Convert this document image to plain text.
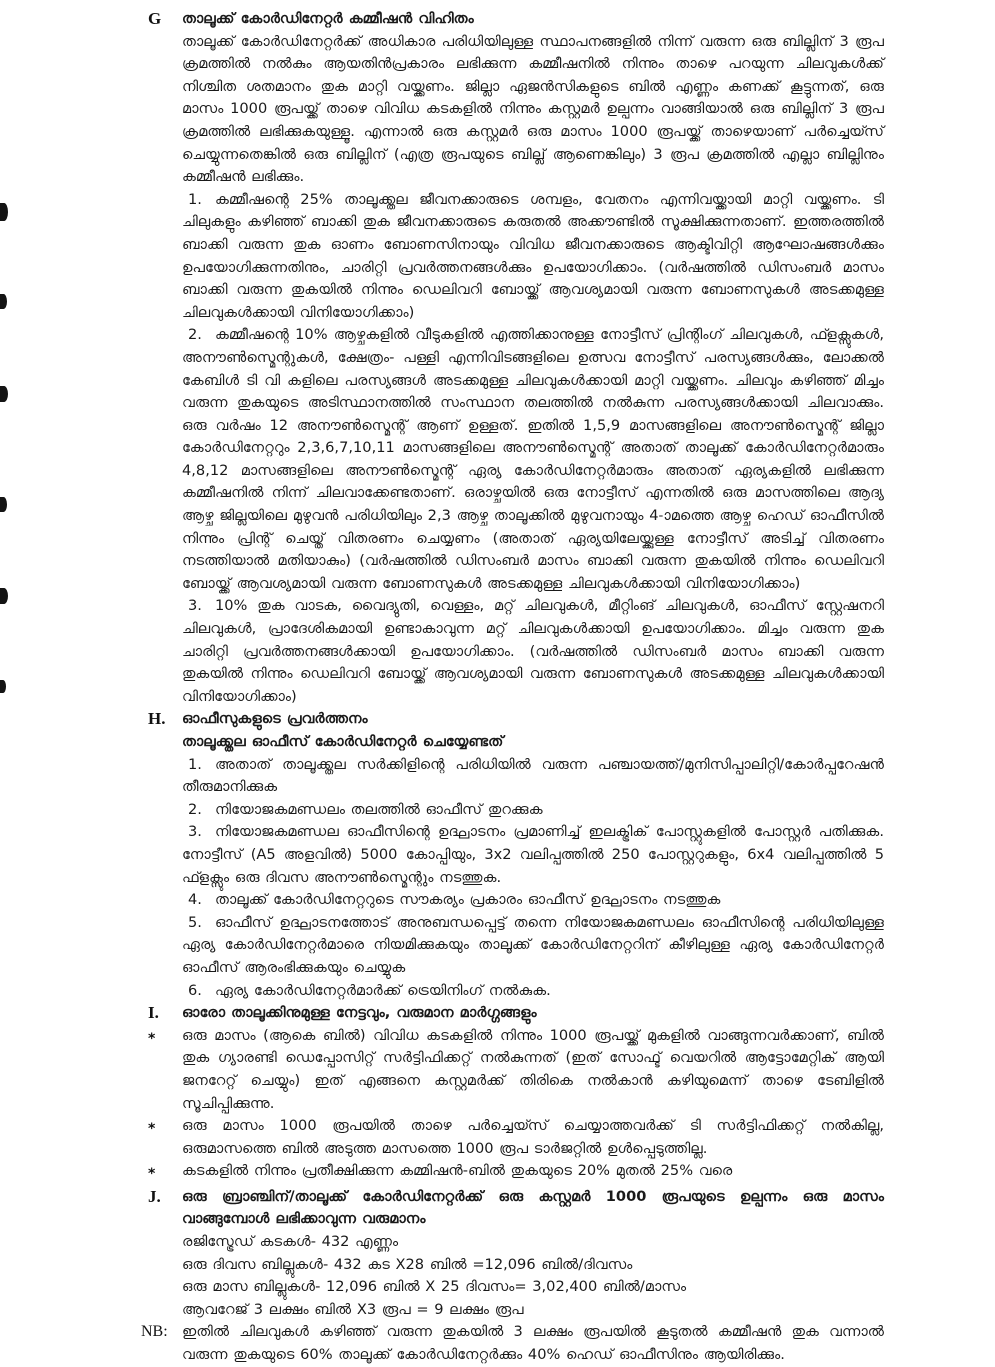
G	താലൂക്ക് കോർഡിനേറ്റർ കമ്മീഷൻ വിഹിതം
താലൂക്ക് കോർഡിനേറ്റർക്ക് അധികാര പരിധിയിലുള്ള സ്ഥാപനങ്ങളിൽ നിന്ന് വരുന്ന ഒരു ബില്ലിന് 3 രൂപ ക്രമത്തിൽ നൽകും ആയതിൻപ്രകാരം ലഭിക്കുന്ന കമ്മീഷനിൽ നിന്നും താഴെ പറയുന്ന ചിലവുകൾക്ക് നിശ്ചിത ശതമാനം തുക മാറ്റി വയ്ക്കണം. ജില്ലാ ഏജൻസികളുടെ ബിൽ എണ്ണം കണക്ക് കൂട്ടുന്നത്, ഒരു മാസം 1000 രൂപയ്ക്ക് താഴെ വിവിധ കടകളിൽ നിന്നും കസ്റ്റമർ ഉല്പന്നം വാങ്ങിയാൽ ഒരു ബില്ലിന് 3 രൂപ ക്രമത്തിൽ ലഭിക്കുകയുള്ളൂ. എന്നാൽ ഒരു കസ്റ്റമർ ഒരു മാസം 1000 രൂപയ്ക്ക് താഴെയാണ് പർച്ചെയ്സ് ചെയ്യുന്നതെങ്കിൽ ഒരു ബില്ലിന് (എത്ര രൂപയുടെ ബില്ല് ആണെങ്കിലും) 3 രൂപ ക്രമത്തിൽ എല്ലാ ബില്ലിനും കമ്മീഷൻ ലഭിക്കും.
1. കമ്മീഷന്റെ 25% താലൂക്ക്തല ജീവനക്കാരുടെ ശമ്പളം, വേതനം എന്നിവയ്ക്കായി മാറ്റി വയ്ക്കണം. ടി ചിലുകളും കഴിഞ്ഞ് ബാക്കി തുക ജീവനക്കാരുടെ കരുതൽ അക്കൗണ്ടിൽ സൂക്ഷിക്കുന്നതാണ്. ഇത്തരത്തിൽ ബാക്കി വരുന്ന തുക ഓണം ബോണസിനായും വിവിധ ജീവനക്കാരുടെ ആക്ടിവിറ്റി ആഘോഷങ്ങൾക്കും ഉപയോഗിക്കുന്നതിനും, ചാരിറ്റി പ്രവർത്തനങ്ങൾക്കും ഉപയോഗിക്കാം. (വർഷത്തിൽ ഡിസംബർ മാസം ബാക്കി വരുന്ന തുകയിൽ നിന്നും ഡെലിവറി ബോയ്ക്ക് ആവശ്യമായി വരുന്ന ബോണസുകൾ അടക്കമുള്ള ചിലവുകൾക്കായി വിനിയോഗിക്കാം)
2. കമ്മീഷന്റെ 10% ആഴ്ചകളിൽ വീടുകളിൽ എത്തിക്കാനുള്ള നോട്ടീസ് പ്രിന്റിംഗ് ചിലവുകൾ, ഫ്ളക്സുകൾ, അനൗൺസ്മെന്റുകൾ, ക്ഷേത്രം- പള്ളി എന്നിവിടങ്ങളിലെ ഉത്സവ നോട്ടീസ് പരസ്യങ്ങൾക്കും, ലോക്കൽ കേബിൾ ടി വി കളിലെ പരസ്യങ്ങൾ അടക്കമുള്ള ചിലവുകൾക്കായി മാറ്റി വയ്ക്കണം. ചിലവും കഴിഞ്ഞ് മിച്ചം വരുന്ന തുകയുടെ അടിസ്ഥാനത്തിൽ സംസ്ഥാന തലത്തിൽ നൽകുന്ന പരസ്യങ്ങൾക്കായി ചിലവാക്കും. ഒരു വർഷം 12 അനൗൺസ്മെന്റ് ആണ് ഉള്ളത്. ഇതിൽ 1,5,9 മാസങ്ങളിലെ അനൗൺസ്മെന്റ് ജില്ലാ കോർഡിനേറ്ററും 2,3,6,7,10,11 മാസങ്ങളിലെ അനൗൺസ്മെന്റ് അതാത് താലൂക്ക് കോർഡിനേറ്റർമാരും 4,8,12 മാസങ്ങളിലെ അനൗൺസ്മെന്റ് ഏര്യ കോർഡിനേറ്റർമാരും അതാത് ഏര്യകളിൽ ലഭിക്കുന്ന കമ്മീഷനിൽ നിന്ന് ചിലവാക്കേണ്ടതാണ്. ഒരാഴ്ചയിൽ ഒരു നോട്ടീസ് എന്നതിൽ ഒരു മാസത്തിലെ ആദ്യ ആഴ്ച ജില്ലയിലെ മുഴുവൻ പരിധിയിലും 2,3 ആഴ്ച താലൂക്കിൽ മുഴുവനായും 4-ാമത്തെ ആഴ്ച ഹെഡ് ഓഫീസിൽ നിന്നും പ്രിന്റ് ചെയ്ത് വിതരണം ചെയ്യണം (അതാത് ഏര്യയിലേയ്ക്കുള്ള നോട്ടീസ് അടിച്ച് വിതരണം നടത്തിയാൽ മതിയാകും) (വർഷത്തിൽ ഡിസംബർ മാസം ബാക്കി വരുന്ന തുകയിൽ നിന്നും ഡെലിവറി ബോയ്ക്ക് ആവശ്യമായി വരുന്ന ബോണസുകൾ അടക്കമുള്ള ചിലവുകൾക്കായി വിനിയോഗിക്കാം)
3. 10% തുക വാടക, വൈദ്യുതി, വെള്ളം, മറ്റ് ചിലവുകൾ, മീറ്റിംങ് ചിലവുകൾ, ഓഫീസ് സ്റ്റേഷനറി ചിലവുകൾ, പ്രാദേശികമായി ഉണ്ടാകാവുന്ന മറ്റ് ചിലവുകൾക്കായി ഉപയോഗിക്കാം. മിച്ചം വരുന്ന തുക ചാരിറ്റി പ്രവർത്തനങ്ങൾക്കായി ഉപയോഗിക്കാം. (വർഷത്തിൽ ഡിസംബർ മാസം ബാക്കി വരുന്ന തുകയിൽ നിന്നും ഡെലിവറി ബോയ്ക്ക് ആവശ്യമായി വരുന്ന ബോണസുകൾ അടക്കമുള്ള ചിലവുകൾക്കായി വിനിയോഗിക്കാം)
H.	ഓഫീസുകളുടെ പ്രവർത്തനം
താലൂക്ക്തല ഓഫീസ് കോർഡിനേറ്റർ ചെയ്യേണ്ടത്
1. അതാത് താലൂക്ക്തല സർക്കിളിന്റെ പരിധിയിൽ വരുന്ന പഞ്ചായത്ത്/മുനിസിപ്പാലിറ്റി/കോർപ്പറേഷൻ തീരുമാനിക്കുക
2. നിയോജകമണ്ഡലം തലത്തിൽ ഓഫീസ് തുറക്കുക
3. നിയോജകമണ്ഡല ഓഫീസിന്റെ ഉദ്ഘാടനം പ്രമാണിച്ച് ഇലക്ട്രിക് പോസ്റ്റുകളിൽ പോസ്റ്റർ പതിക്കുക. നോട്ടീസ് (A5 അളവിൽ) 5000 കോപ്പിയും, 3x2 വലിപ്പത്തിൽ 250 പോസ്റ്ററുകളും, 6x4 വലിപ്പത്തിൽ 5 ഫ്ളക്സും ഒരു ദിവസ അനൗൺസ്മെന്റും നടത്തുക.
4. താലൂക്ക് കോർഡിനേറ്ററുടെ സൗകര്യം പ്രകാരം ഓഫീസ് ഉദ്ഘാടനം നടത്തുക
5. ഓഫീസ് ഉദ്ഘാടനത്തോട് അനുബന്ധപ്പെട്ട് തന്നെ നിയോജകമണ്ഡലം ഓഫീസിന്റെ പരിധിയിലുള്ള ഏര്യ കോർഡിനേറ്റർമാരെ നിയമിക്കുകയും താലൂക്ക് കോർഡിനേറ്ററിന് കീഴിലുള്ള ഏര്യ കോർഡിനേറ്റർ ഓഫീസ് ആരംഭിക്കുകയും ചെയ്യുക
6. ഏര്യ കോർഡിനേറ്റർമാർക്ക് ട്രെയിനിംഗ് നൽകുക.
I.	ഓരോ താലൂക്കിനുമുള്ള നേട്ടവും, വരുമാന മാർഗ്ഗങ്ങളും
*	ഒരു മാസം (ആകെ ബിൽ) വിവിധ കടകളിൽ നിന്നും 1000 രൂപയ്ക്ക് മുകളിൽ വാങ്ങുന്നവർക്കാണ്, ബിൽ തുക ഗ്യാരണ്ടി ഡെപ്പോസിറ്റ് സർട്ടിഫിക്കറ്റ് നൽകുന്നത് (ഇത് സോഫ്ട് വെയറിൽ ആട്ടോമേറ്റിക് ആയി ജനറേറ്റ് ചെയ്യും) ഇത് എങ്ങനെ കസ്റ്റമർക്ക് തിരികെ നൽകാൻ കഴിയുമെന്ന് താഴെ ടേബിളിൽ സൂചിപ്പിക്കുന്നു.
*	ഒരു മാസം 1000 രൂപയിൽ താഴെ പർച്ചെയ്സ് ചെയ്യാത്തവർക്ക് ടി സർട്ടിഫിക്കറ്റ് നൽകില്ല, ഒരുമാസത്തെ ബിൽ അടുത്ത മാസത്തെ 1000 രൂപ ടാർജറ്റിൽ ഉൾപ്പെടുത്തില്ല.
*	കടകളിൽ നിന്നും പ്രതീക്ഷിക്കുന്ന കമ്മിഷൻ-ബിൽ തുകയുടെ 20% മുതൽ 25% വരെ
J.	ഒരു ബ്രാഞ്ചിന്/താലൂക്ക് കോർഡിനേറ്റർക്ക് ഒരു കസ്റ്റമർ 1000 രൂപയുടെ ഉല്പന്നം ഒരു മാസം വാങ്ങുമ്പോൾ ലഭിക്കാവുന്ന വരുമാനം
രജിസ്ട്രേഡ് കടകൾ- 432 എണ്ണം
ഒരു ദിവസ ബില്ലുകൾ- 432 കട X28 ബിൽ =12,096 ബിൽ/ദിവസം
ഒരു മാസ ബില്ലുകൾ- 12,096 ബിൽ X 25 ദിവസം= 3,02,400 ബിൽ/മാസം
ആവറേജ് 3 ലക്ഷം ബിൽ X3 രൂപ = 9 ലക്ഷം രൂപ
NB: ഇതിൽ ചിലവുകൾ കഴിഞ്ഞ് വരുന്ന തുകയിൽ 3 ലക്ഷം രൂപയിൽ കൂടുതൽ കമ്മീഷൻ തുക വന്നാൽ വരുന്ന തുകയുടെ 60% താലൂക്ക് കോർഡിനേറ്റർക്കും 40% ഹെഡ് ഓഫീസിനും ആയിരിക്കും.
